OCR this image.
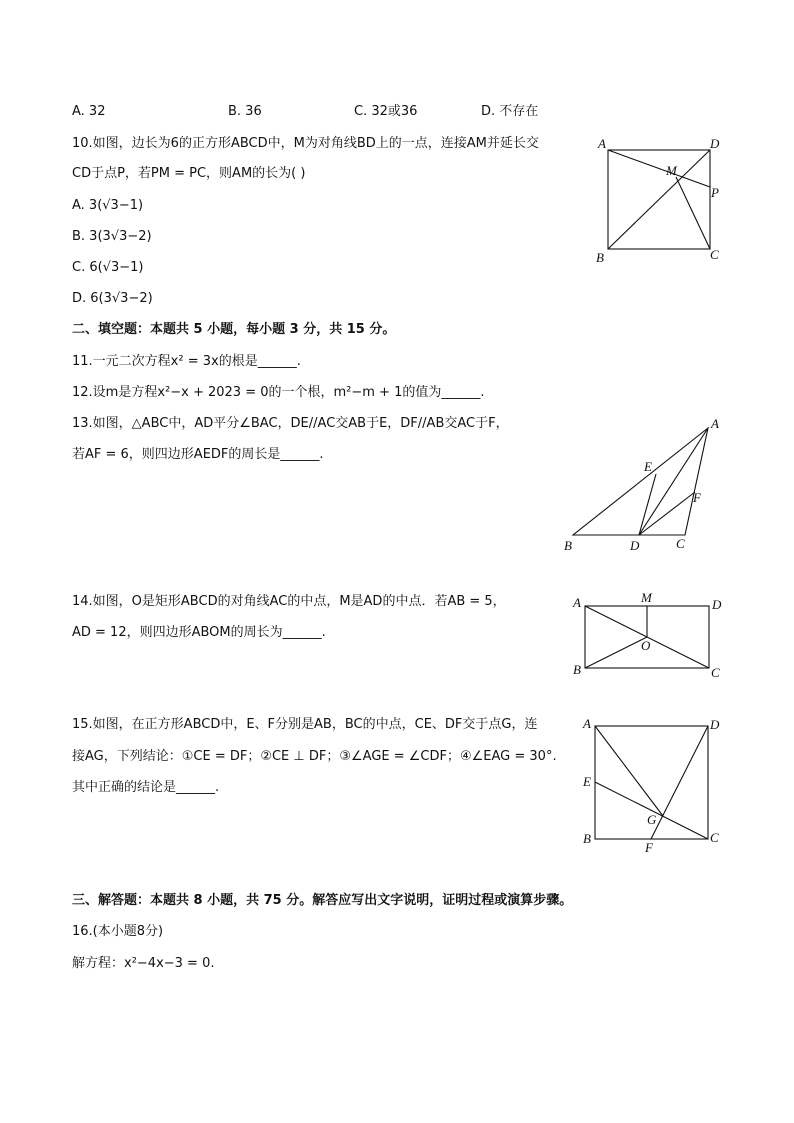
A. 32	B. 36	C. 32或36	D. 不存在
10.如图，边长为6的正方形ABCD中，M为对角线BD上的一点，连接AM并延长交
CD于点P，若PM = PC，则AM的长为( )
A. 3(√3−1)
B. 3(3√3−2)
C. 6(√3−1)
D. 6(3√3−2)
A	D
M
P
B	C
二、填空题：本题共 5 小题，每小题 3 分，共 15 分。
11.一元二次方程x² = 3x的根是______.
12.设m是方程x²−x + 2023 = 0的一个根，m²−m + 1的值为______.
13.如图，△ABC中，AD平分∠BAC，DE//AC交AB于E，DF//AB交AC于F，
若AF = 6，则四边形AEDF的周长是______.
A
E
F
B	D	C
14.如图，O是矩形ABCD的对角线AC的中点，M是AD的中点．若AB = 5，
AD = 12，则四边形ABOM的周长为______.
A	M	D
O
B	C
15.如图，在正方形ABCD中，E、F分别是AB，BC的中点，CE、DF交于点G，连
接AG，下列结论：①CE = DF；②CE ⊥ DF；③∠AGE = ∠CDF；④∠EAG = 30°.
其中正确的结论是______.
A	D
E
G
B
F
C
三、解答题：本题共 8 小题，共 75 分。解答应写出文字说明，证明过程或演算步骤。
16.(本小题8分)
解方程：x²−4x−3 = 0.
